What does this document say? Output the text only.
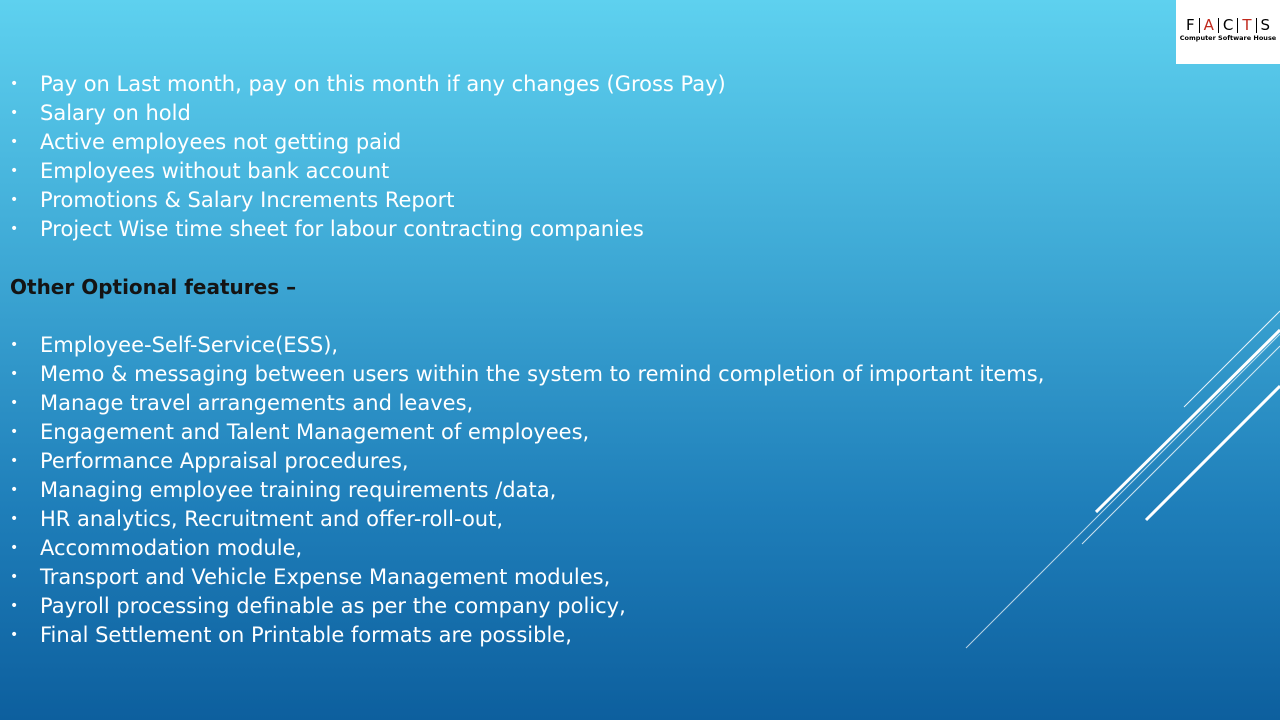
F A C T S
Computer Software House
• Pay on Last month, pay on this month if any changes (Gross Pay)
• Salary on hold
• Active employees not getting paid
• Employees without bank account
• Promotions & Salary Increments Report
• Project Wise time sheet for labour contracting companies
Other Optional features –
• Employee-Self-Service(ESS),
• Memo & messaging between users within the system to remind completion of important items,
• Manage travel arrangements and leaves,
• Engagement and Talent Management of employees,
• Performance Appraisal procedures,
• Managing employee training requirements /data,
• HR analytics, Recruitment and offer-roll-out,
• Accommodation module,
• Transport and Vehicle Expense Management modules,
• Payroll processing definable as per the company policy,
• Final Settlement on Printable formats are possible,
